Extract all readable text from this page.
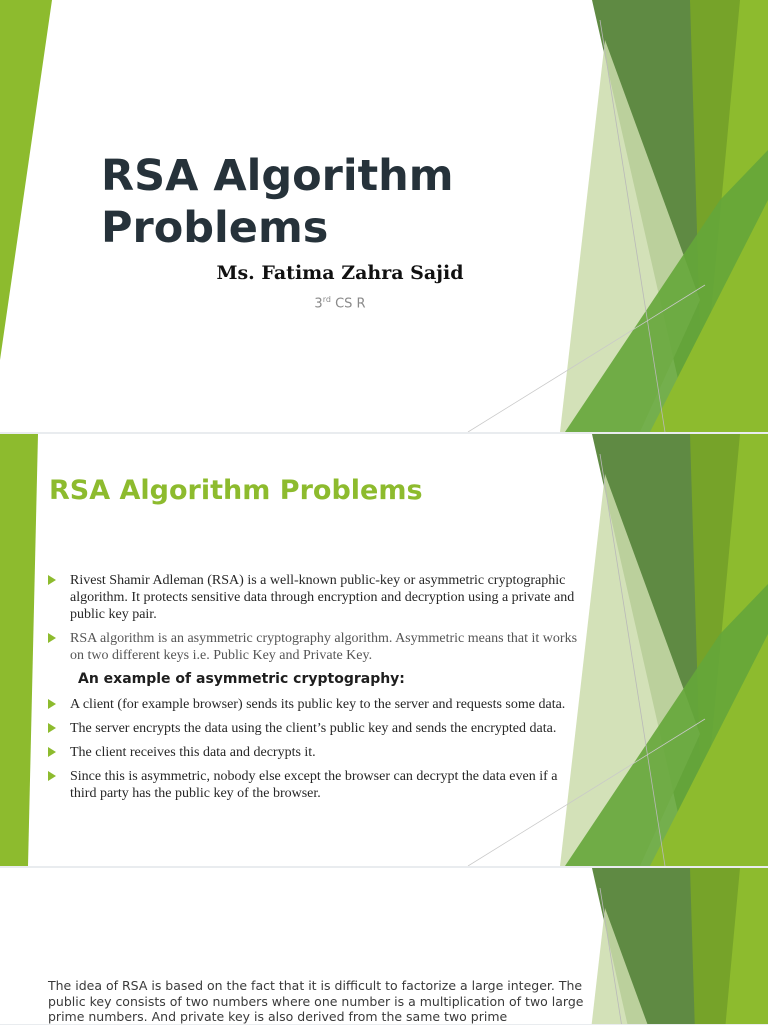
RSA Algorithm Problems
Ms. Fatima Zahra Sajid
3rd CS R
RSA Algorithm Problems
Rivest Shamir Adleman (RSA) is a well-known public-key or asymmetric cryptographic algorithm. It protects sensitive data through encryption and decryption using a private and public key pair.
RSA algorithm is an asymmetric cryptography algorithm. Asymmetric means that it works on two different keys i.e. Public Key and Private Key.
An example of asymmetric cryptography:
A client (for example browser) sends its public key to the server and requests some data.
The server encrypts the data using the client’s public key and sends the encrypted data.
The client receives this data and decrypts it.
Since this is asymmetric, nobody else except the browser can decrypt the data even if a third party has the public key of the browser.
The idea of RSA is based on the fact that it is difficult to factorize a large integer. The public key consists of two numbers where one number is a multiplication of two large prime numbers. And private key is also derived from the same two prime
